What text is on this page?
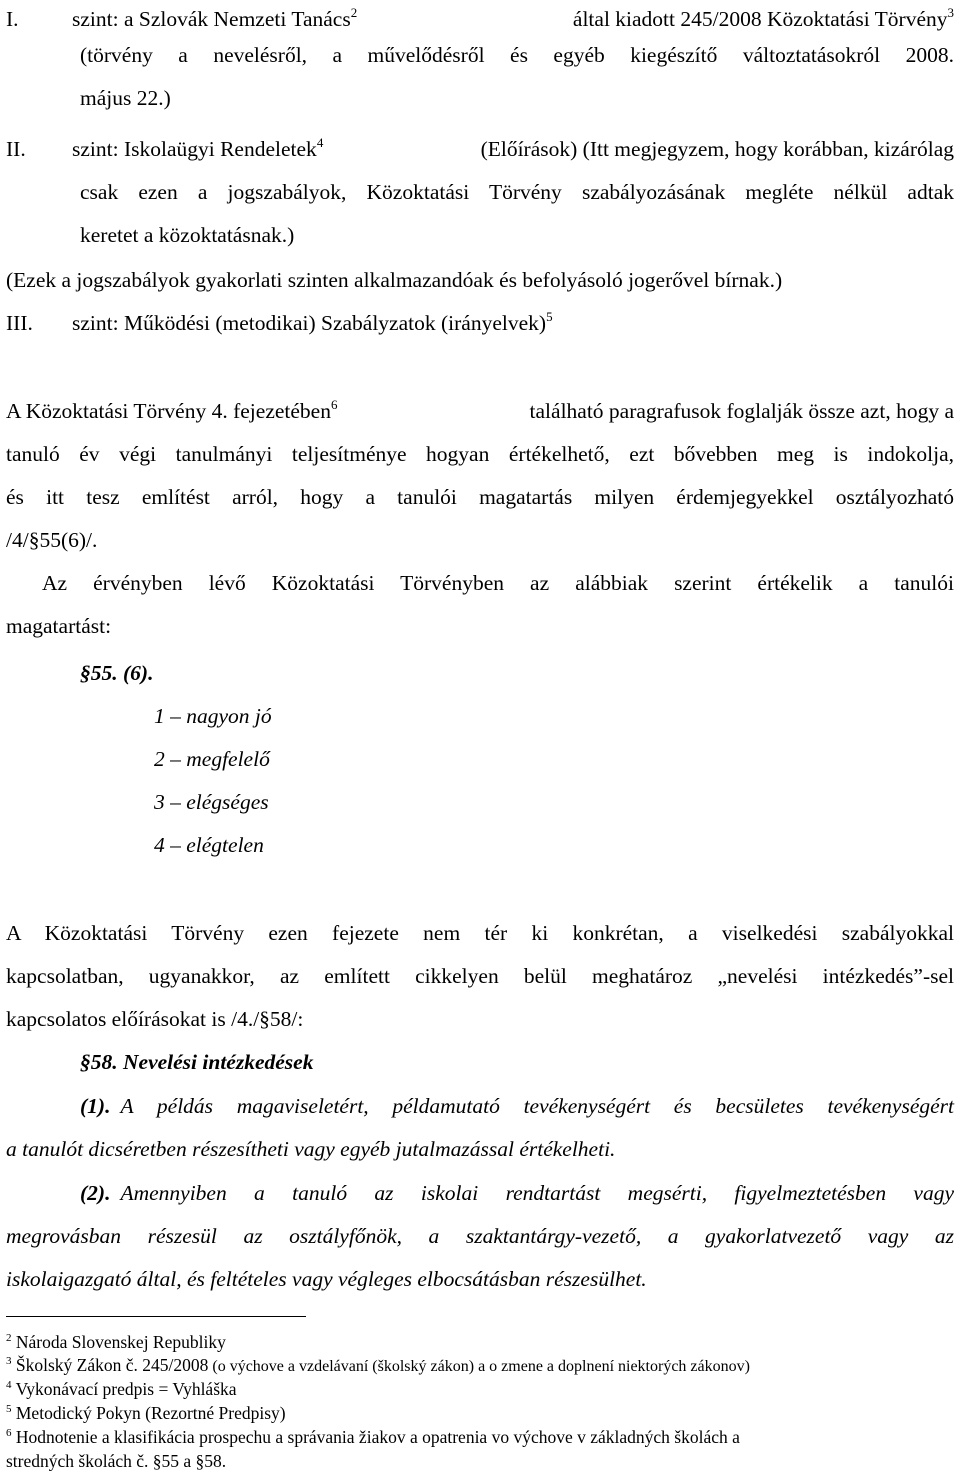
I. szint: a Szlovák Nemzeti Tanács$^2$	által kiadott 245/2008 Közoktatási Törvény$^3$
(törvény a nevelésről, a művelődésről és egyéb kiegészítő változtatásokról 2008.
május 22.)
II. szint: Iskolaügyi Rendeletek$^4$	(Előírások) (Itt megjegyzem, hogy korábban, kizárólag
csak ezen a jogszabályok, Közoktatási Törvény szabályozásának megléte nélkül adtak
keretet a közoktatásnak.)
(Ezek a jogszabályok gyakorlati szinten alkalmazandóak és befolyásoló jogerővel bírnak.)
III. szint: Működési (metodikai) Szabályzatok (irányelvek)$^5$
A Közoktatási Törvény 4. fejezetében$^6$	található paragrafusok foglalják össze azt, hogy a
tanuló év végi tanulmányi teljesítménye hogyan értékelhető, ezt bővebben meg is indokolja,
és itt tesz említést arról, hogy a tanulói magatartás milyen érdemjegyekkel osztályozható
/4/§55(6)/.
Az érvényben lévő Közoktatási Törvényben az alábbiak szerint értékelik a tanulói
magatartást:
§55. (6).
1 – nagyon jó
2 – megfelelő
3 – elégséges
4 – elégtelen
A Közoktatási Törvény ezen fejezete nem tér ki konkrétan, a viselkedési szabályokkal
kapcsolatban, ugyanakkor, az említett cikkelyen belül meghatároz „nevelési intézkedés”-sel
kapcsolatos előírásokat is /4./§58/:
§58. Nevelési intézkedések
(1). A példás magaviseletért, példamutató tevékenységért és becsületes tevékenységért
a tanulót dicséretben részesítheti vagy egyéb jutalmazással értékelheti.
(2). Amennyiben a tanuló az iskolai rendtartást megsérti, figyelmeztetésben vagy
megrovásban részesül az osztályfőnök, a szaktantárgy-vezető, a gyakorlatvezető vagy az
iskolaigazgató által, és feltételes vagy végleges elbocsátásban részesülhet.
$^2$ Národa Slovenskej Republiky
$^3$ Školský Zákon č. 245/2008 (o výchove a vzdelávaní (školský zákon) a o zmene a doplnení niektorých zákonov)
$^4$ Vykonávací predpis = Vyhláška
$^5$ Metodický Pokyn (Rezortné Predpisy)
$^6$ Hodnotenie a klasifikácia prospechu a správania žiakov a opatrenia vo výchove v základných školách a
stredných školách č. §55 a §58.
